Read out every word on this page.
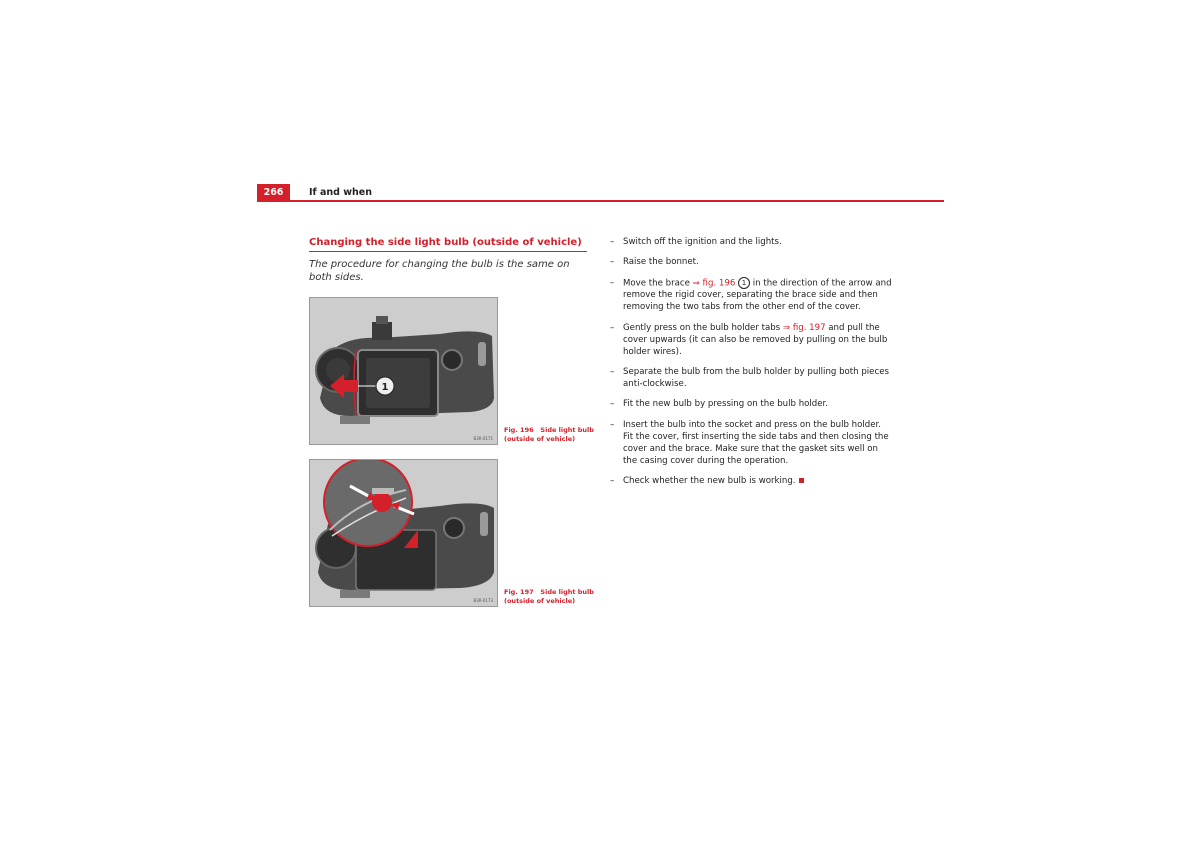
266	If and when
Changing the side light bulb (outside of vehicle)
The procedure for changing the bulb is the same on both sides.
1
B3R-0171
Fig. 196 Side light bulb (outside of vehicle)
B3R-0173
Fig. 197 Side light bulb (outside of vehicle)
– Switch off the ignition and the lights.
– Raise the bonnet.
– Move the brace ⇒ fig. 196 1 in the direction of the arrow and remove the rigid cover, separating the brace side and then removing the two tabs from the other end of the cover.
– Gently press on the bulb holder tabs ⇒ fig. 197 and pull the cover upwards (it can also be removed by pulling on the bulb holder wires).
– Separate the bulb from the bulb holder by pulling both pieces anti-clockwise.
– Fit the new bulb by pressing on the bulb holder.
– Insert the bulb into the socket and press on the bulb holder. Fit the cover, first inserting the side tabs and then closing the cover and the brace. Make sure that the gasket sits well on the casing cover during the operation.
– Check whether the new bulb is working.
